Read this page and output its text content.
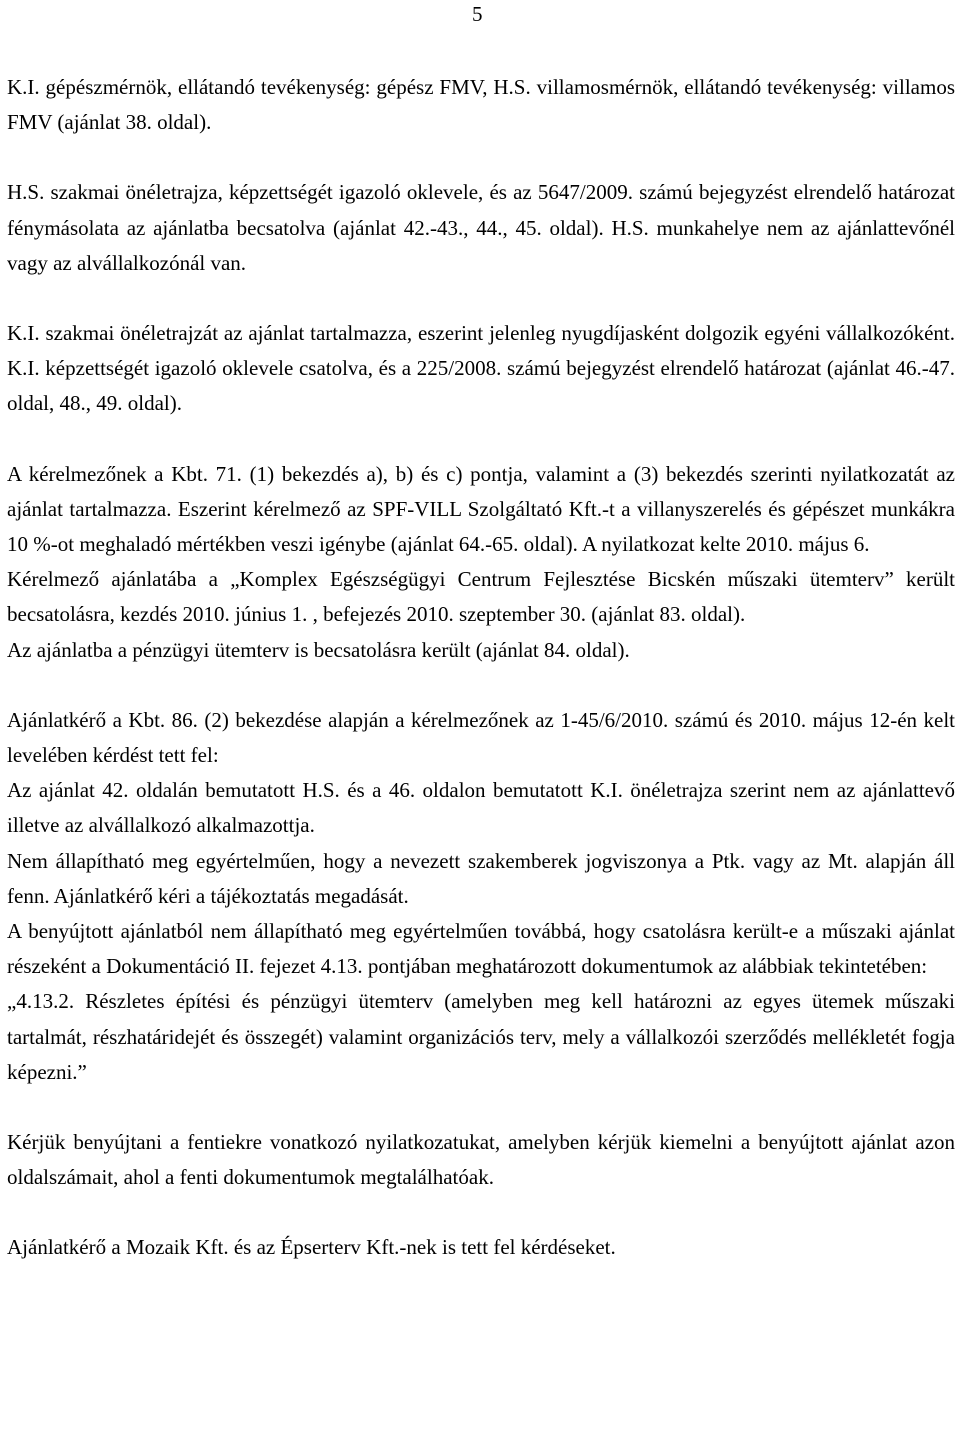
5

K.I. gépészmérnök, ellátandó tevékenység: gépész FMV, H.S. villamosmérnök, ellátandó tevékenység: villamos FMV (ajánlat 38. oldal).

H.S. szakmai önéletrajza, képzettségét igazoló oklevele, és az 5647/2009. számú bejegyzést elrendelő határozat fénymásolata az ajánlatba becsatolva (ajánlat 42.-43., 44., 45. oldal). H.S. munkahelye nem az ajánlattevőnél vagy az alvállalkozónál van.

K.I. szakmai önéletrajzát az ajánlat tartalmazza, eszerint jelenleg nyugdíjasként dolgozik egyéni vállalkozóként. K.I. képzettségét igazoló oklevele csatolva, és a 225/2008. számú bejegyzést elrendelő határozat (ajánlat 46.-47. oldal, 48., 49. oldal).

A kérelmezőnek a Kbt. 71. (1) bekezdés a), b) és c) pontja, valamint a (3) bekezdés szerinti nyilatkozatát az ajánlat tartalmazza. Eszerint kérelmező az SPF-VILL Szolgáltató Kft.-t a villanyszerelés és gépészet munkákra 10 %-ot meghaladó mértékben veszi igénybe (ajánlat 64.-65. oldal). A nyilatkozat kelte 2010. május 6.

Kérelmező ajánlatába a „Komplex Egészségügyi Centrum Fejlesztése Bicskén műszaki ütemterv” került becsatolásra, kezdés 2010. június 1. , befejezés 2010. szeptember 30. (ajánlat 83. oldal).

Az ajánlatba a pénzügyi ütemterv is becsatolásra került (ajánlat 84. oldal).

Ajánlatkérő a Kbt. 86. (2) bekezdése alapján a kérelmezőnek az 1-45/6/2010. számú és 2010. május 12-én kelt levelében kérdést tett fel:

Az ajánlat 42. oldalán bemutatott H.S. és a 46. oldalon bemutatott K.I. önéletrajza szerint nem az ajánlattevő illetve az alvállalkozó alkalmazottja.

Nem állapítható meg egyértelműen, hogy a nevezett szakemberek jogviszonya a Ptk. vagy az Mt. alapján áll fenn. Ajánlatkérő kéri a tájékoztatás megadását.

A benyújtott ajánlatból nem állapítható meg egyértelműen továbbá, hogy csatolásra került-e a műszaki ajánlat részeként a Dokumentáció II. fejezet 4.13. pontjában meghatározott dokumentumok az alábbiak tekintetében:

„4.13.2. Részletes építési és pénzügyi ütemterv (amelyben meg kell határozni az egyes ütemek műszaki tartalmát, részhatáridejét és összegét) valamint organizációs terv, mely a vállalkozói szerződés mellékletét fogja képezni.”

Kérjük benyújtani a fentiekre vonatkozó nyilatkozatukat, amelyben kérjük kiemelni a benyújtott ajánlat azon oldalszámait, ahol a fenti dokumentumok megtalálhatóak.

Ajánlatkérő a Mozaik Kft. és az Épserterv Kft.-nek is tett fel kérdéseket.
